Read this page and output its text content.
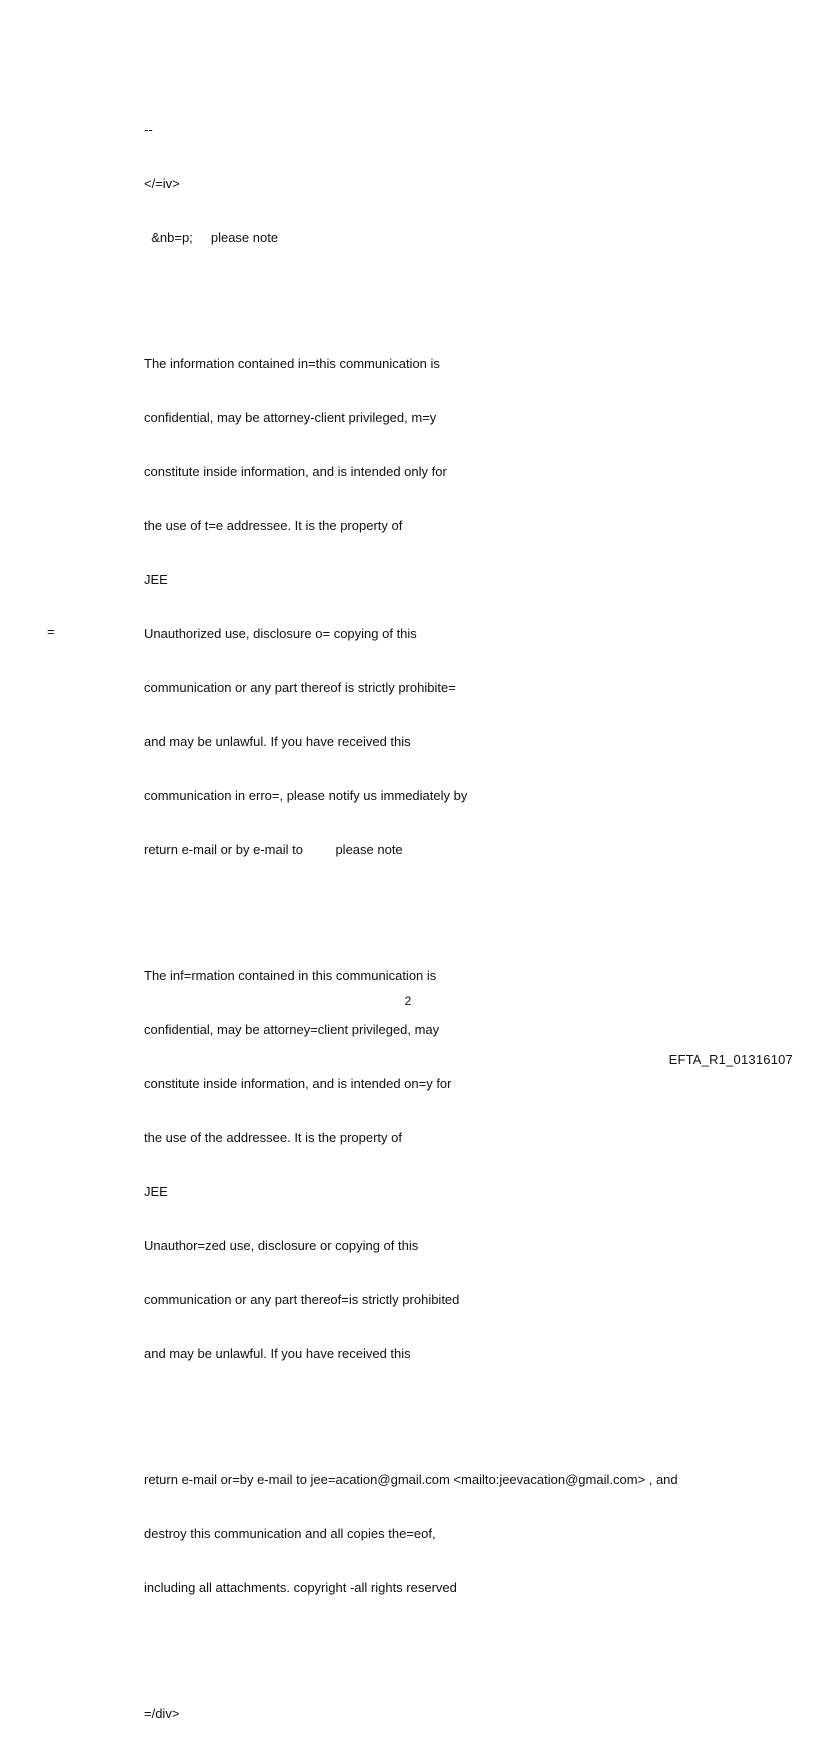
--

</=iv>

&nb=p;     please note

The information contained in=this communication is

confidential, may be attorney-client privileged, m=y

constitute inside information, and is intended only for

the use of t=e addressee. It is the property of

JEE

Unauthorized use, disclosure o= copying of this

communication or any part thereof is strictly prohibite=

and may be unlawful. If you have received this

communication in erro=, please notify us immediately by

return e-mail or by e-mail to         please note

The inf=rmation contained in this communication is

confidential, may be attorney=client privileged, may

constitute inside information, and is intended on=y for

the use of the addressee. It is the property of

JEE

Unauthor=zed use, disclosure or copying of this

communication or any part thereof=is strictly prohibited

and may be unlawful. If you have received this

return e-mail or=by e-mail to jee=acation@gmail.com <mailto:jeevacation@gmail.com> , and

destroy this communication and all copies the=eof,

including all attachments. copyright -all rights reserved

=/div>

=
2
EFTA_R1_01316107
